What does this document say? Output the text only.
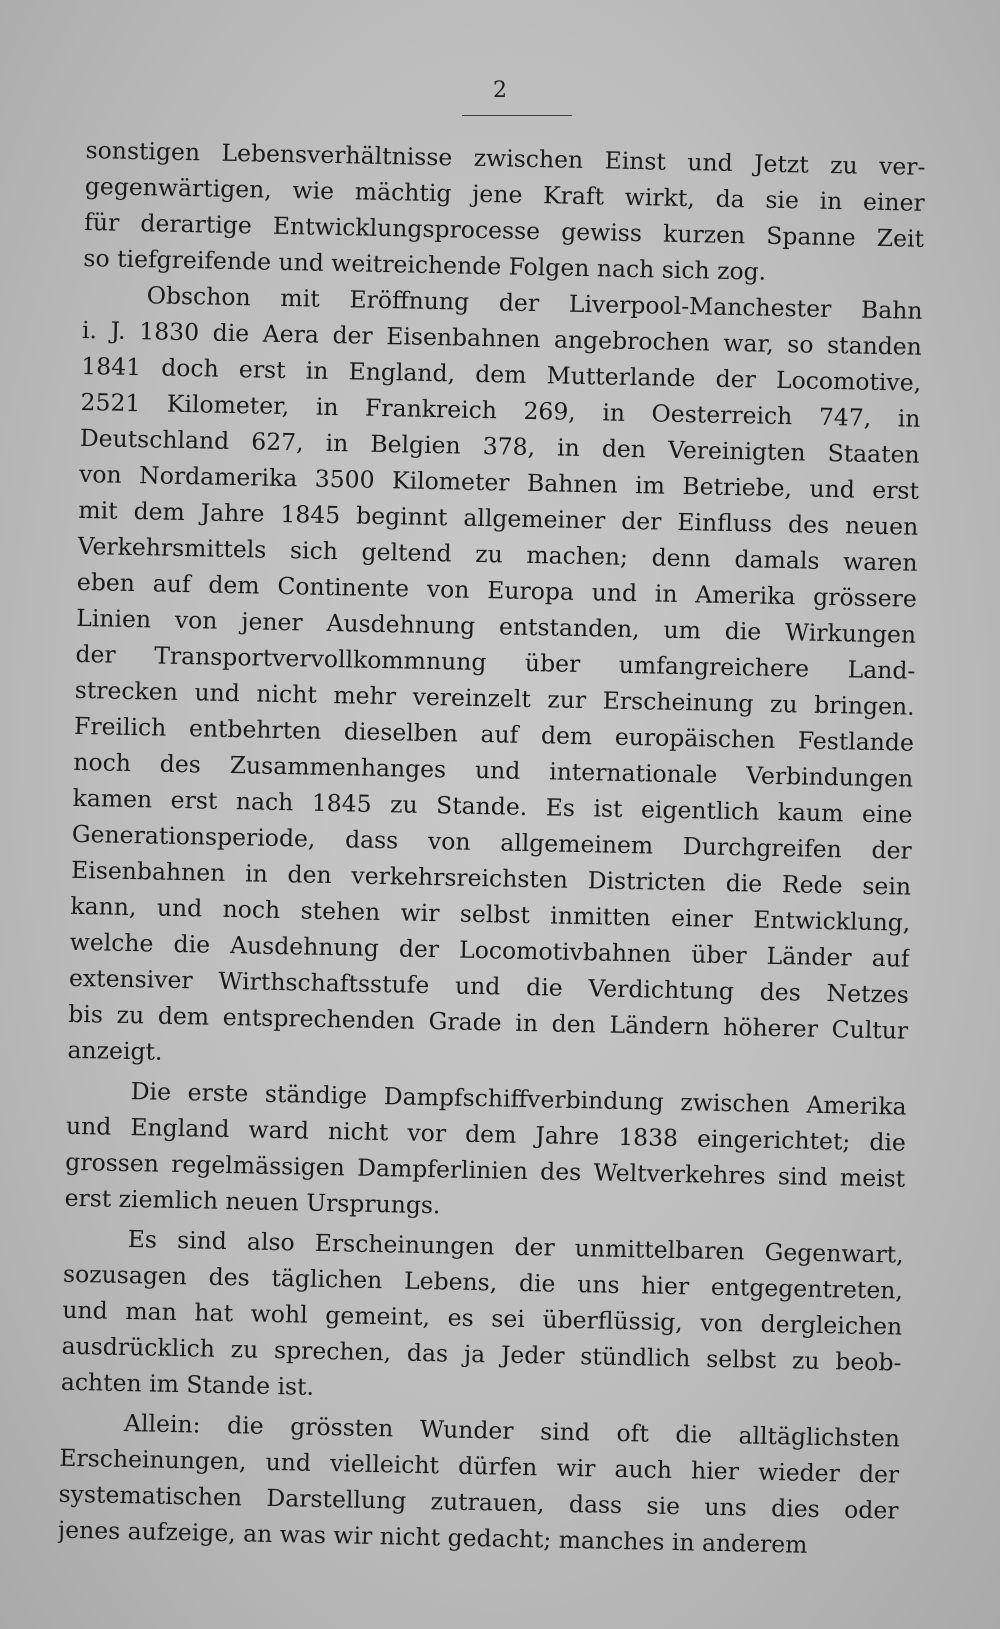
2
sonstigen Lebensverhältnisse zwischen Einst und Jetzt zu ver-
gegenwärtigen, wie mächtig jene Kraft wirkt, da sie in einer
für derartige Entwicklungsprocesse gewiss kurzen Spanne Zeit
so tiefgreifende und weitreichende Folgen nach sich zog.
Obschon mit Eröffnung der Liverpool-Manchester Bahn
i. J. 1830 die Aera der Eisenbahnen angebrochen war, so standen
1841 doch erst in England, dem Mutterlande der Locomotive,
2521 Kilometer, in Frankreich 269, in Oesterreich 747, in
Deutschland 627, in Belgien 378, in den Vereinigten Staaten
von Nordamerika 3500 Kilometer Bahnen im Betriebe, und erst
mit dem Jahre 1845 beginnt allgemeiner der Einfluss des neuen
Verkehrsmittels sich geltend zu machen; denn damals waren
eben auf dem Continente von Europa und in Amerika grössere
Linien von jener Ausdehnung entstanden, um die Wirkungen
der Transportvervollkommnung über umfangreichere Land-
strecken und nicht mehr vereinzelt zur Erscheinung zu bringen.
Freilich entbehrten dieselben auf dem europäischen Festlande
noch des Zusammenhanges und internationale Verbindungen
kamen erst nach 1845 zu Stande. Es ist eigentlich kaum eine
Generationsperiode, dass von allgemeinem Durchgreifen der
Eisenbahnen in den verkehrsreichsten Districten die Rede sein
kann, und noch stehen wir selbst inmitten einer Entwicklung,
welche die Ausdehnung der Locomotivbahnen über Länder auf
extensiver Wirthschaftsstufe und die Verdichtung des Netzes
bis zu dem entsprechenden Grade in den Ländern höherer Cultur
anzeigt.
Die erste ständige Dampfschiffverbindung zwischen Amerika
und England ward nicht vor dem Jahre 1838 eingerichtet; die
grossen regelmässigen Dampferlinien des Weltverkehres sind meist
erst ziemlich neuen Ursprungs.
Es sind also Erscheinungen der unmittelbaren Gegenwart,
sozusagen des täglichen Lebens, die uns hier entgegentreten,
und man hat wohl gemeint, es sei überflüssig, von dergleichen
ausdrücklich zu sprechen, das ja Jeder stündlich selbst zu beob-
achten im Stande ist.
Allein: die grössten Wunder sind oft die alltäglichsten
Erscheinungen, und vielleicht dürfen wir auch hier wieder der
systematischen Darstellung zutrauen, dass sie uns dies oder
jenes aufzeige, an was wir nicht gedacht; manches in anderem
